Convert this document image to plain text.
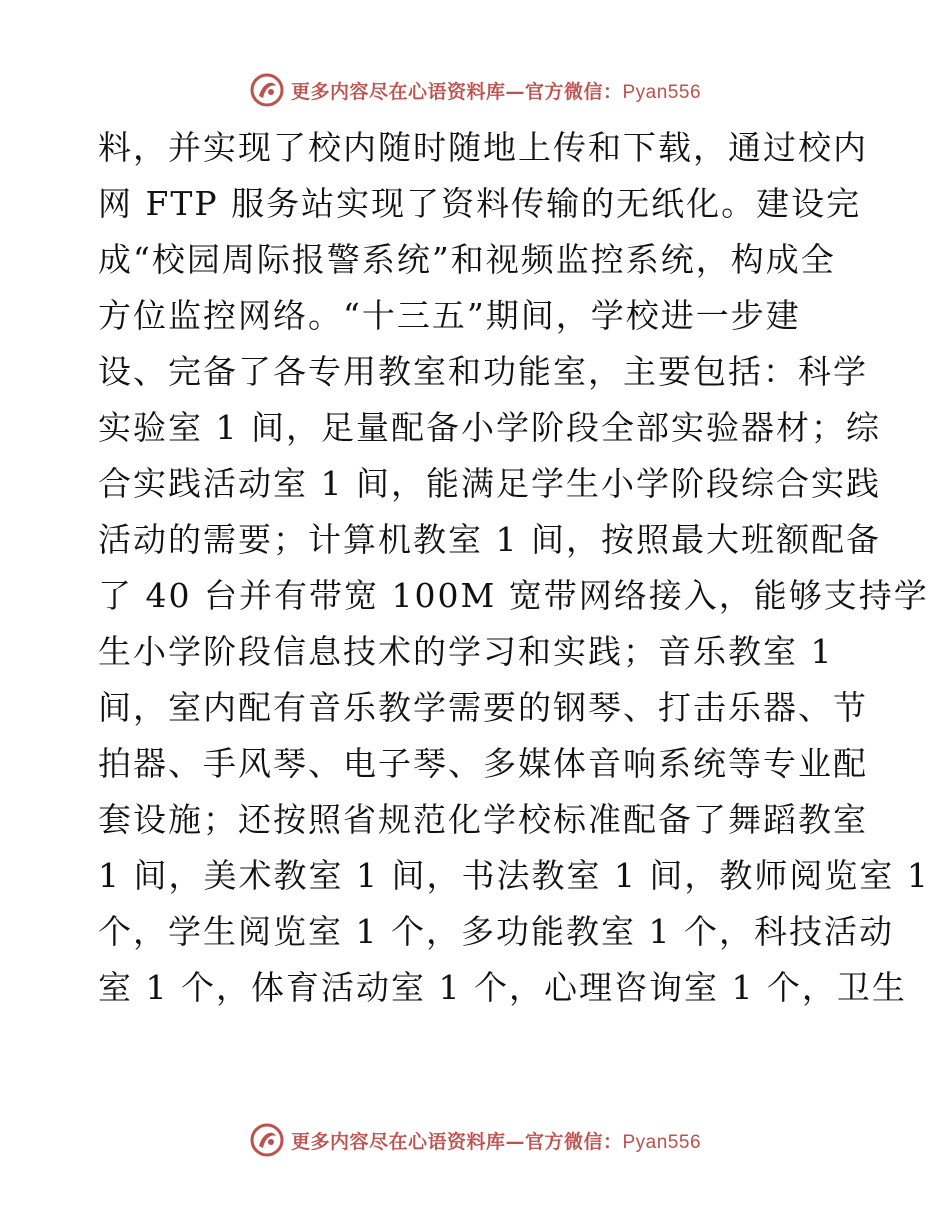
更多内容尽在心语资料库—官方微信：Pyan556
料，并实现了校内随时随地上传和下载，通过校内
网 FTP 服务站实现了资料传输的无纸化。建设完
成“校园周际报警系统”和视频监控系统，构成全
方位监控网络。“十三五”期间，学校进一步建
设、完备了各专用教室和功能室，主要包括：科学
实验室 1 间，足量配备小学阶段全部实验器材；综
合实践活动室 1 间，能满足学生小学阶段综合实践
活动的需要；计算机教室 1 间，按照最大班额配备
了 40 台并有带宽 100M 宽带网络接入，能够支持学
生小学阶段信息技术的学习和实践；音乐教室 1
间，室内配有音乐教学需要的钢琴、打击乐器、节
拍器、手风琴、电子琴、多媒体音响系统等专业配
套设施；还按照省规范化学校标准配备了舞蹈教室
1 间，美术教室 1 间，书法教室 1 间，教师阅览室 1
个，学生阅览室 1 个，多功能教室 1 个，科技活动
室 1 个，体育活动室 1 个，心理咨询室 1 个，卫生
更多内容尽在心语资料库—官方微信：Pyan556
